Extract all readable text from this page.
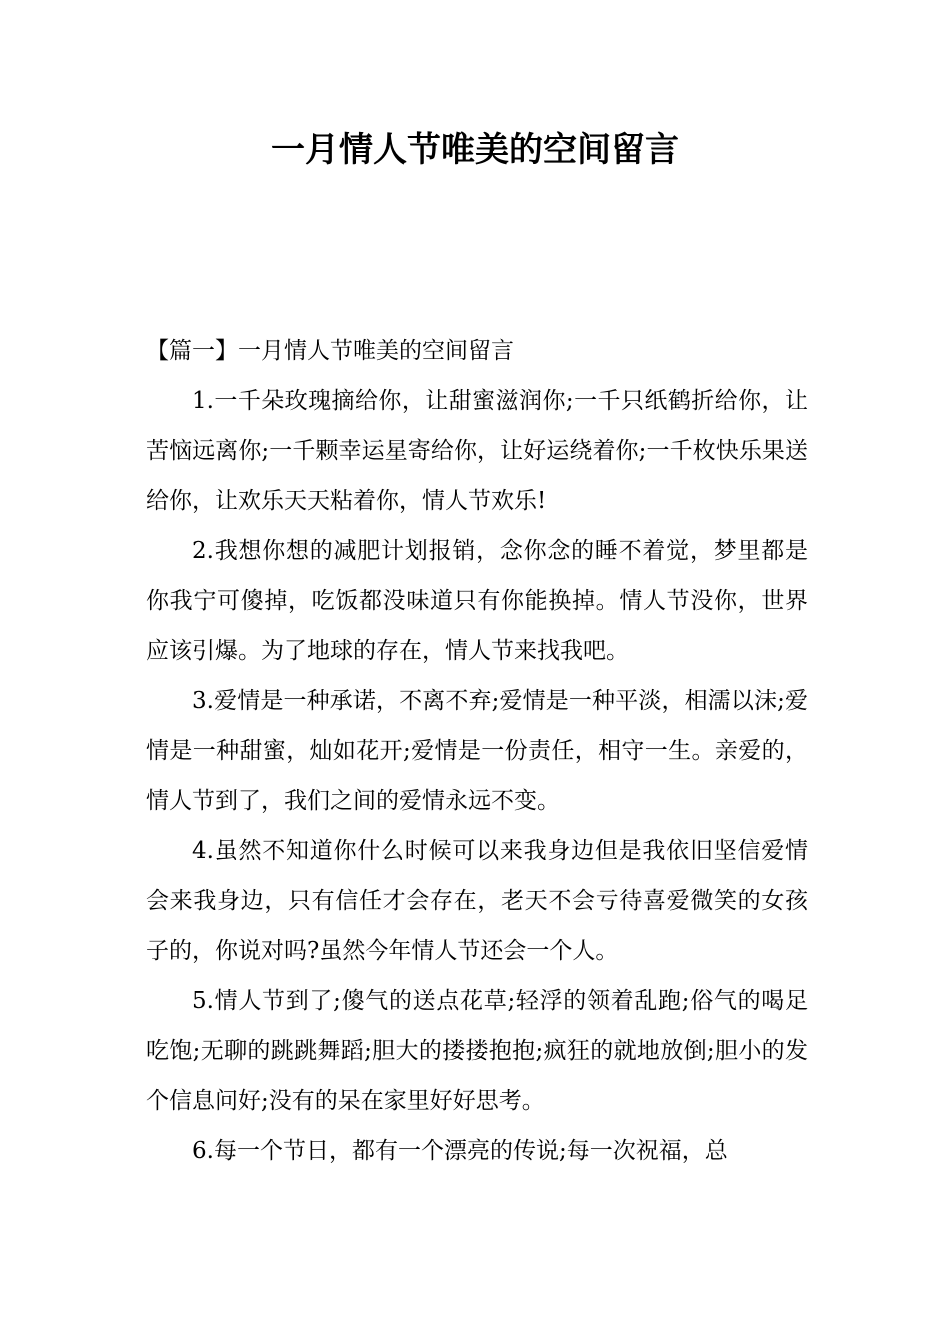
一月情人节唯美的空间留言

【篇一】一月情人节唯美的空间留言

1.一千朵玫瑰摘给你，让甜蜜滋润你;一千只纸鹤折给你，让苦恼远离你;一千颗幸运星寄给你，让好运绕着你;一千枚快乐果送给你，让欢乐天天粘着你，情人节欢乐!

2.我想你想的减肥计划报销，念你念的睡不着觉，梦里都是你我宁可傻掉，吃饭都没味道只有你能换掉。情人节没你，世界应该引爆。为了地球的存在，情人节来找我吧。

3.爱情是一种承诺，不离不弃;爱情是一种平淡，相濡以沫;爱情是一种甜蜜，灿如花开;爱情是一份责任，相守一生。亲爱的，情人节到了，我们之间的爱情永远不变。

4.虽然不知道你什么时候可以来我身边但是我依旧坚信爱情会来我身边，只有信任才会存在，老天不会亏待喜爱微笑的女孩子的，你说对吗?虽然今年情人节还会一个人。

5.情人节到了;傻气的送点花草;轻浮的领着乱跑;俗气的喝足吃饱;无聊的跳跳舞蹈;胆大的搂搂抱抱;疯狂的就地放倒;胆小的发个信息问好;没有的呆在家里好好思考。

6.每一个节日，都有一个漂亮的传说;每一次祝福，总
